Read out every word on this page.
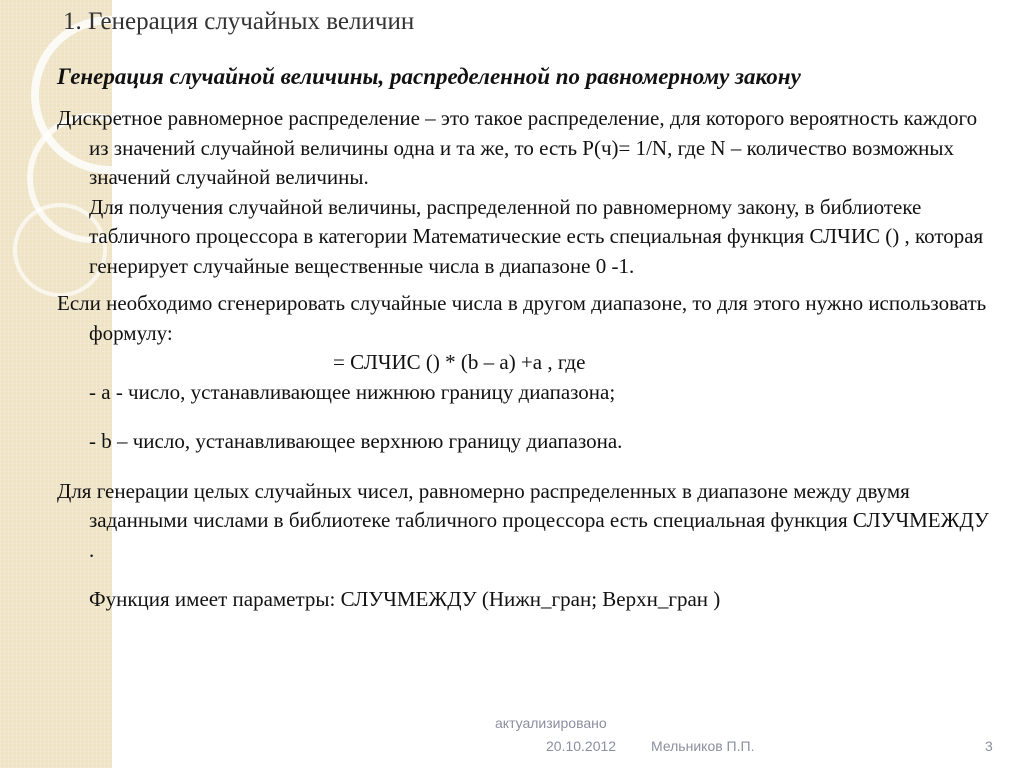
1. Генерация случайных величин
Генерация случайной величины, распределенной по равномерному закону

Дискретное равномерное распределение – это такое распределение, для которого вероятность каждого из значений случайной величины одна и та же, то есть Р(ч)= 1/N, где N – количество возможных значений случайной величины.

Для получения случайной величины, распределенной по равномерному закону, в библиотеке табличного процессора в категории Математические есть специальная функция СЛЧИС () , которая генерирует случайные вещественные числа в диапазоне 0 -1.

Если необходимо сгенерировать случайные числа в другом диапазоне, то для этого нужно использовать формулу:

= СЛЧИС () * (b – a) +a , где

- a - число, устанавливающее нижнюю границу диапазона;

- b – число, устанавливающее верхнюю границу диапазона.

Для генерации целых случайных чисел, равномерно распределенных в диапазоне между двумя заданными числами в библиотеке табличного процессора есть специальная функция СЛУЧМЕЖДУ .

Функция имеет параметры: СЛУЧМЕЖДУ (Нижн_гран; Верхн_гран )

актуализировано
20.10.2012 Мельников П.П.	3
